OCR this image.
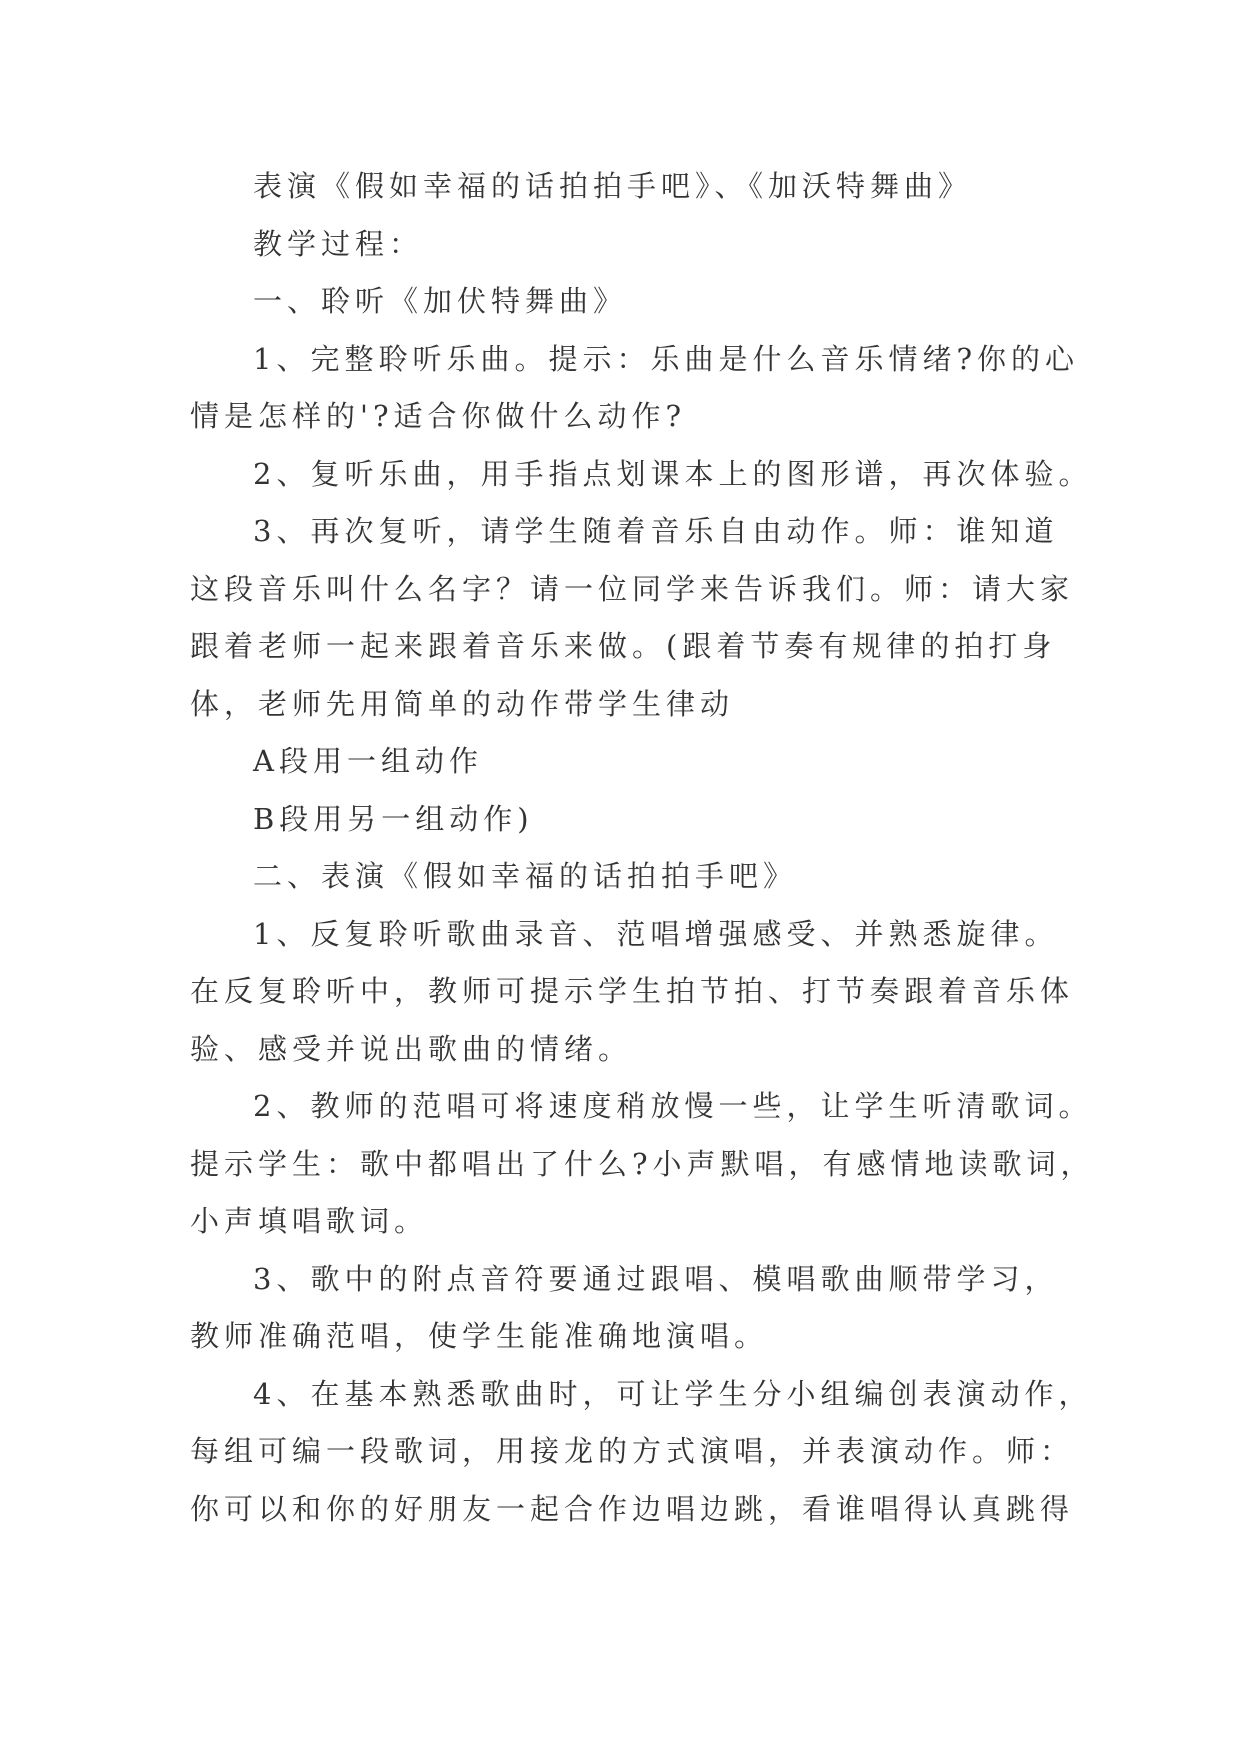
表演《假如幸福的话拍拍手吧》、《加沃特舞曲》
教学过程：
一、聆听《加伏特舞曲》
1、完整聆听乐曲。提示：乐曲是什么音乐情绪?你的心
情是怎样的'?适合你做什么动作?
2、复听乐曲，用手指点划课本上的图形谱，再次体验。
3、再次复听，请学生随着音乐自由动作。师：谁知道
这段音乐叫什么名字？请一位同学来告诉我们。师：请大家
跟着老师一起来跟着音乐来做。(跟着节奏有规律的拍打身
体，老师先用简单的动作带学生律动
A段用一组动作
B段用另一组动作)
二、表演《假如幸福的话拍拍手吧》
1、反复聆听歌曲录音、范唱增强感受、并熟悉旋律。
在反复聆听中，教师可提示学生拍节拍、打节奏跟着音乐体
验、感受并说出歌曲的情绪。
2、教师的范唱可将速度稍放慢一些，让学生听清歌词。
提示学生：歌中都唱出了什么?小声默唱，有感情地读歌词，
小声填唱歌词。
3、歌中的附点音符要通过跟唱、模唱歌曲顺带学习，
教师准确范唱，使学生能准确地演唱。
4、在基本熟悉歌曲时，可让学生分小组编创表演动作，
每组可编一段歌词，用接龙的方式演唱，并表演动作。师：
你可以和你的好朋友一起合作边唱边跳，看谁唱得认真跳得
